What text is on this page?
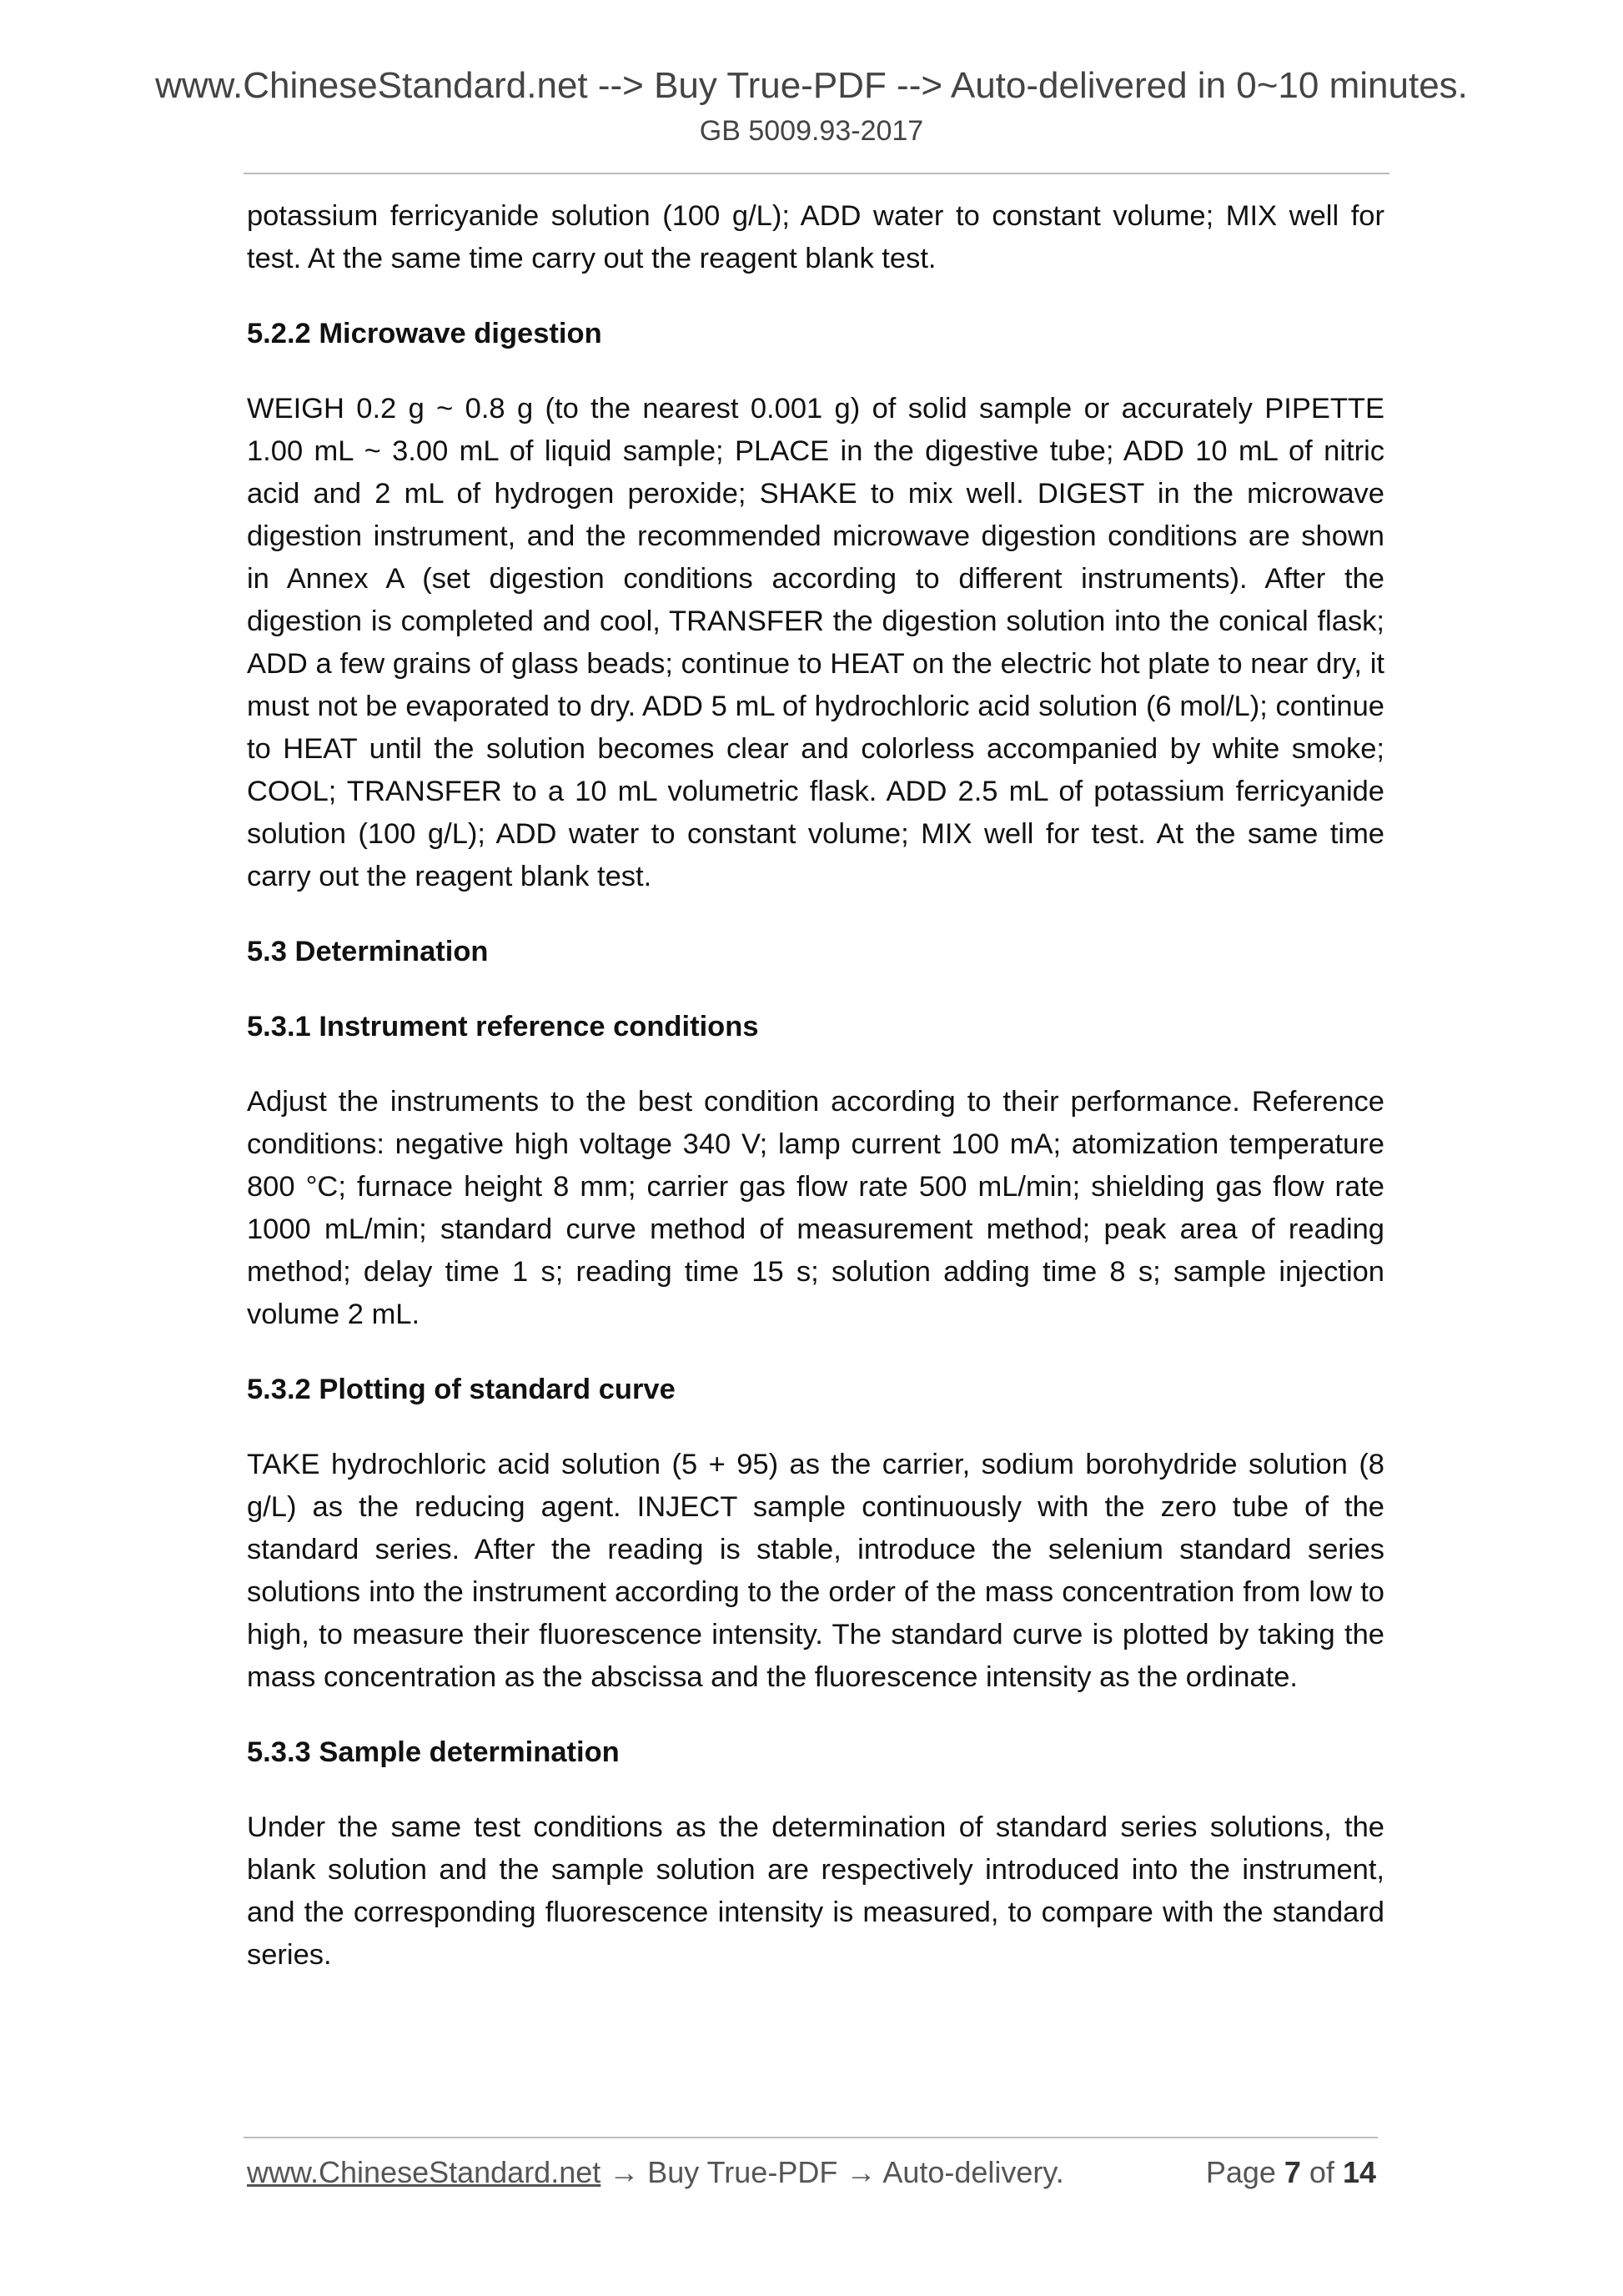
www.ChineseStandard.net --> Buy True-PDF --> Auto-delivered in 0~10 minutes.
GB 5009.93-2017

potassium ferricyanide solution (100 g/L); ADD water to constant volume; MIX well for test. At the same time carry out the reagent blank test.

5.2.2 Microwave digestion

WEIGH 0.2 g ~ 0.8 g (to the nearest 0.001 g) of solid sample or accurately PIPETTE 1.00 mL ~ 3.00 mL of liquid sample; PLACE in the digestive tube; ADD 10 mL of nitric acid and 2 mL of hydrogen peroxide; SHAKE to mix well. DIGEST in the microwave digestion instrument, and the recommended microwave digestion conditions are shown in Annex A (set digestion conditions according to different instruments). After the digestion is completed and cool, TRANSFER the digestion solution into the conical flask; ADD a few grains of glass beads; continue to HEAT on the electric hot plate to near dry, it must not be evaporated to dry. ADD 5 mL of hydrochloric acid solution (6 mol/L); continue to HEAT until the solution becomes clear and colorless accompanied by white smoke; COOL; TRANSFER to a 10 mL volumetric flask. ADD 2.5 mL of potassium ferricyanide solution (100 g/L); ADD water to constant volume; MIX well for test. At the same time carry out the reagent blank test.

5.3 Determination
5.3.1 Instrument reference conditions

Adjust the instruments to the best condition according to their performance. Reference conditions: negative high voltage 340 V; lamp current 100 mA; atomization temperature 800 °C; furnace height 8 mm; carrier gas flow rate 500 mL/min; shielding gas flow rate 1000 mL/min; standard curve method of measurement method; peak area of reading method; delay time 1 s; reading time 15 s; solution adding time 8 s; sample injection volume 2 mL.

5.3.2 Plotting of standard curve

TAKE hydrochloric acid solution (5 + 95) as the carrier, sodium borohydride solution (8 g/L) as the reducing agent. INJECT sample continuously with the zero tube of the standard series. After the reading is stable, introduce the selenium standard series solutions into the instrument according to the order of the mass concentration from low to high, to measure their fluorescence intensity. The standard curve is plotted by taking the mass concentration as the abscissa and the fluorescence intensity as the ordinate.

5.3.3 Sample determination

Under the same test conditions as the determination of standard series solutions, the blank solution and the sample solution are respectively introduced into the instrument, and the corresponding fluorescence intensity is measured, to compare with the standard series.

www.ChineseStandard.net → Buy True-PDF → Auto-delivery.	Page 7 of 14
